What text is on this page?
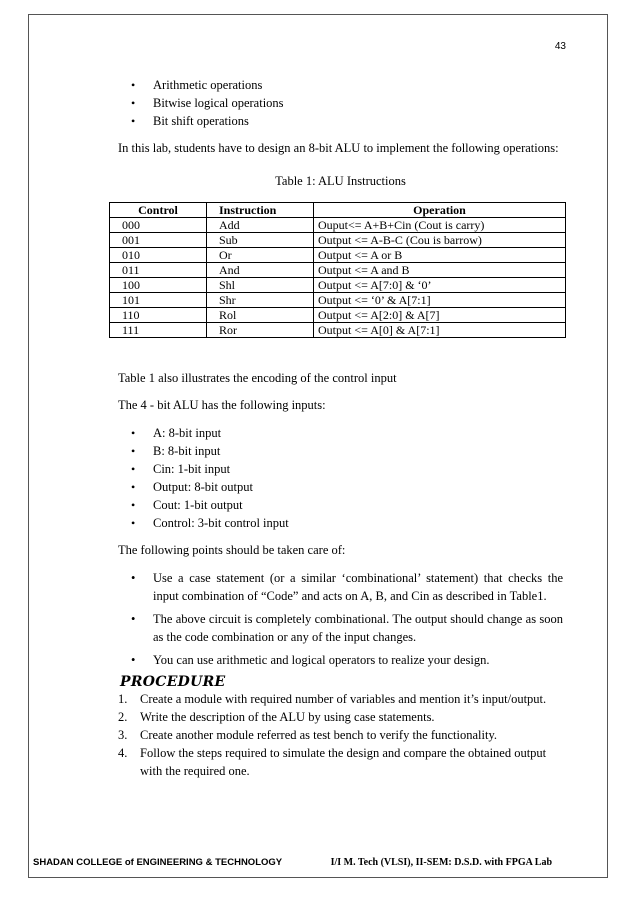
43
• Arithmetic operations
• Bitwise logical operations
• Bit shift operations

In this lab, students have to design an 8-bit ALU to implement the following operations:

Table 1: ALU Instructions
Control	Instruction	Operation
000	Add	Ouput<= A+B+Cin (Cout is carry)
001	Sub	Output <= A-B-C (Cou is barrow)
010	Or	Output <= A or B
011	And	Output <= A and B
100	Shl	Output <= A[7:0] & ‘0’
101	Shr	Output <= ‘0’ & A[7:1]
110	Rol	Output <= A[2:0] & A[7]
111	Ror	Output <= A[0] & A[7:1]

Table 1 also illustrates the encoding of the control input

The 4 - bit ALU has the following inputs:

• A: 8-bit input
• B: 8-bit input
• Cin: 1-bit input
• Output: 8-bit output
• Cout: 1-bit output
• Control: 3-bit control input

The following points should be taken care of:

• Use a case statement (or a similar ‘combinational’ statement) that checks the input combination of “Code” and acts on A, B, and Cin as described in Table1.
• The above circuit is completely combinational. The output should change as soon as the code combination or any of the input changes.
• You can use arithmetic and logical operators to realize your design.
PROCEDURE
1. Create a module with required number of variables and mention it’s input/output.
2. Write the description of the ALU by using case statements.
3. Create another module referred as test bench to verify the functionality.
4. Follow the steps required to simulate the design and compare the obtained output with the required one.
SHADAN COLLEGE of ENGINEERING & TECHNOLOGY	I/I M. Tech (VLSI), II-SEM: D.S.D. with FPGA Lab
